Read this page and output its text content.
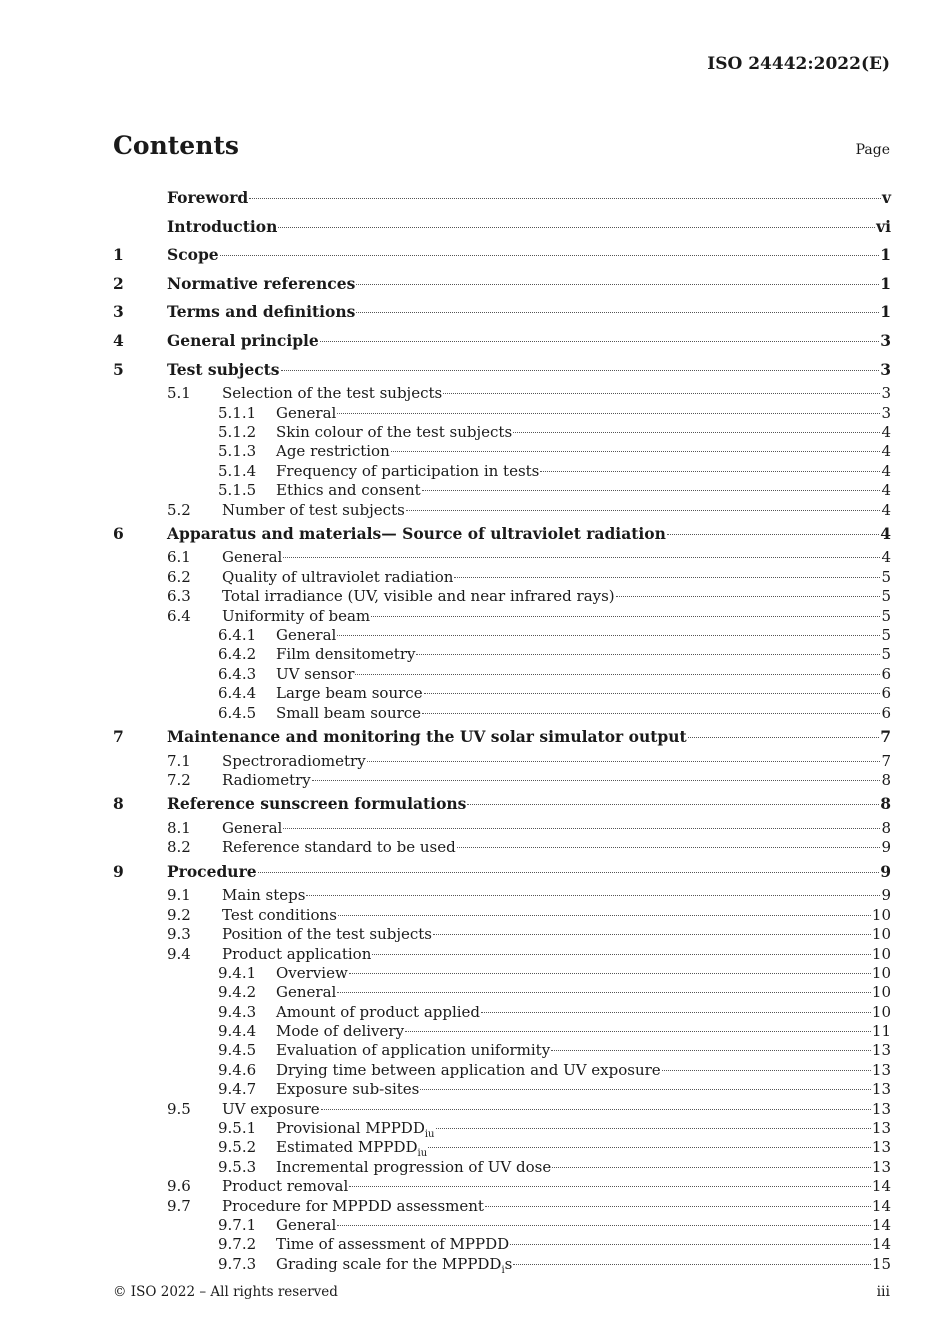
ISO 24442:2022(E)
Contents	Page
Foreword	v
Introduction	vi
1	Scope	1
2	Normative references	1
3	Terms and definitions	1
4	General principle	3
5	Test subjects	3
5.1	Selection of the test subjects	3
5.1.1	General	3
5.1.2	Skin colour of the test subjects	4
5.1.3	Age restriction	4
5.1.4	Frequency of participation in tests	4
5.1.5	Ethics and consent	4
5.2	Number of test subjects	4
6	Apparatus and materials— Source of ultraviolet radiation	4
6.1	General	4
6.2	Quality of ultraviolet radiation	5
6.3	Total irradiance (UV, visible and near infrared rays)	5
6.4	Uniformity of beam	5
6.4.1	General	5
6.4.2	Film densitometry	5
6.4.3	UV sensor	6
6.4.4	Large beam source	6
6.4.5	Small beam source	6
7	Maintenance and monitoring the UV solar simulator output	7
7.1	Spectroradiometry	7
7.2	Radiometry	8
8	Reference sunscreen formulations	8
8.1	General	8
8.2	Reference standard to be used	9
9	Procedure	9
9.1	Main steps	9
9.2	Test conditions	10
9.3	Position of the test subjects	10
9.4	Product application	10
9.4.1	Overview	10
9.4.2	General	10
9.4.3	Amount of product applied	10
9.4.4	Mode of delivery	11
9.4.5	Evaluation of application uniformity	13
9.4.6	Drying time between application and UV exposure	13
9.4.7	Exposure sub-sites	13
9.5	UV exposure	13
9.5.1	Provisional $MPPDD_{iu}$	13
9.5.2	Estimated $MPPDD_{iu}$	13
9.5.3	Incremental progression of UV dose	13
9.6	Product removal	14
9.7	Procedure for MPPDD assessment	14
9.7.1	General	14
9.7.2	Time of assessment of MPPDD	14
9.7.3	Grading scale for the $MPPDD_is$	15
© ISO 2022 – All rights reserved	iii
